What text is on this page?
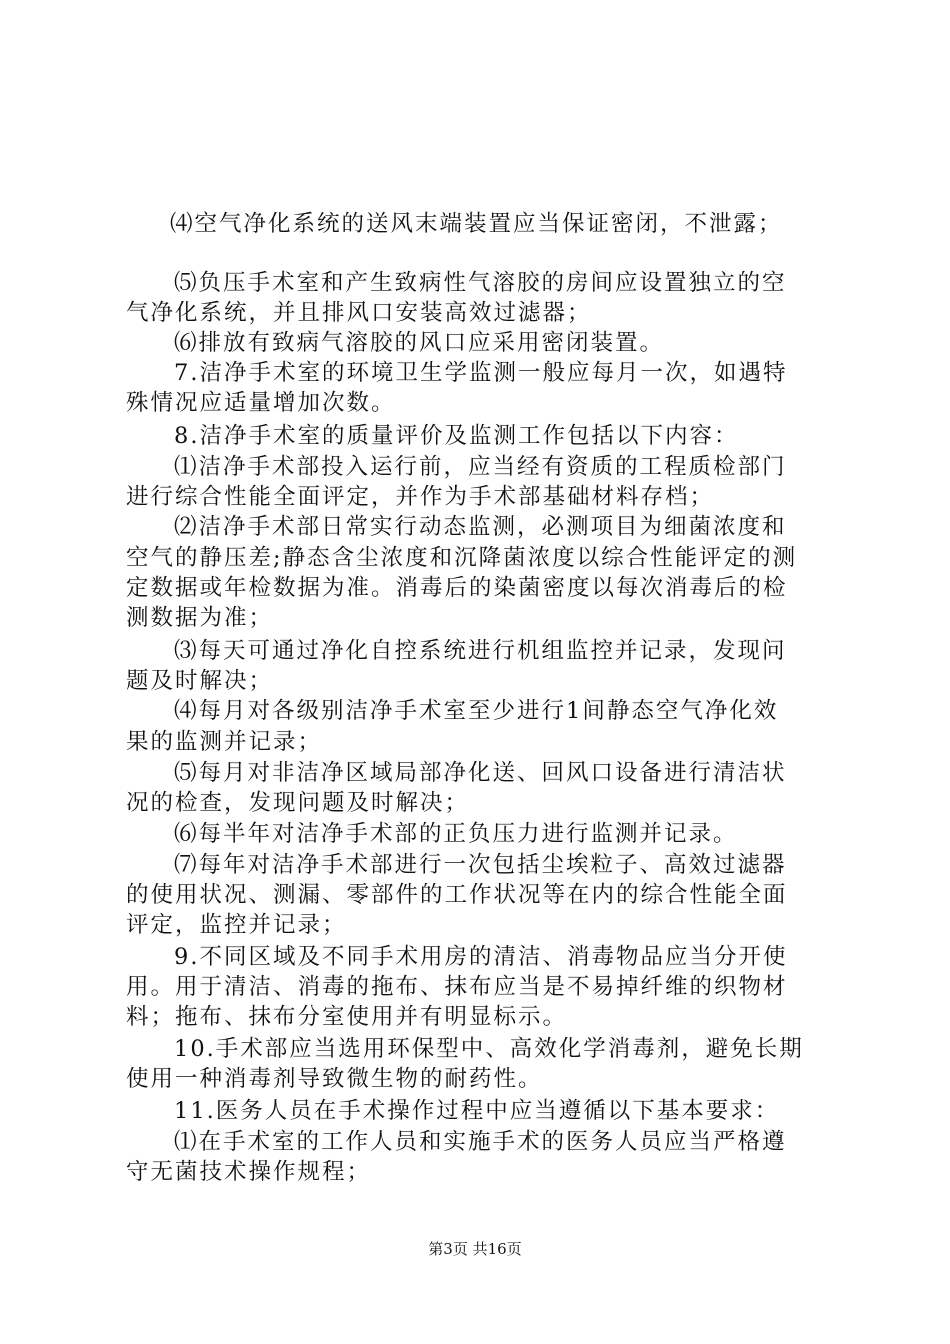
⑷空气净化系统的送风末端装置应当保证密闭，不泄露；
⑸负压手术室和产生致病性气溶胶的房间应设置独立的空
气净化系统，并且排风口安装高效过滤器；
⑹排放有致病气溶胶的风口应采用密闭装置。
7.洁净手术室的环境卫生学监测一般应每月一次，如遇特
殊情况应适量增加次数。
8.洁净手术室的质量评价及监测工作包括以下内容：
⑴洁净手术部投入运行前，应当经有资质的工程质检部门
进行综合性能全面评定，并作为手术部基础材料存档；
⑵洁净手术部日常实行动态监测，必测项目为细菌浓度和
空气的静压差;静态含尘浓度和沉降菌浓度以综合性能评定的测
定数据或年检数据为准。消毒后的染菌密度以每次消毒后的检
测数据为准；
⑶每天可通过净化自控系统进行机组监控并记录，发现问
题及时解决；
⑷每月对各级别洁净手术室至少进行1间静态空气净化效
果的监测并记录；
⑸每月对非洁净区域局部净化送、回风口设备进行清洁状
况的检查，发现问题及时解决；
⑹每半年对洁净手术部的正负压力进行监测并记录。
⑺每年对洁净手术部进行一次包括尘埃粒子、高效过滤器
的使用状况、测漏、零部件的工作状况等在内的综合性能全面
评定，监控并记录；
9.不同区域及不同手术用房的清洁、消毒物品应当分开使
用。用于清洁、消毒的拖布、抹布应当是不易掉纤维的织物材
料；拖布、抹布分室使用并有明显标示。
10.手术部应当选用环保型中、高效化学消毒剂，避免长期
使用一种消毒剂导致微生物的耐药性。
11.医务人员在手术操作过程中应当遵循以下基本要求：
⑴在手术室的工作人员和实施手术的医务人员应当严格遵
守无菌技术操作规程；
第3页 共16页
